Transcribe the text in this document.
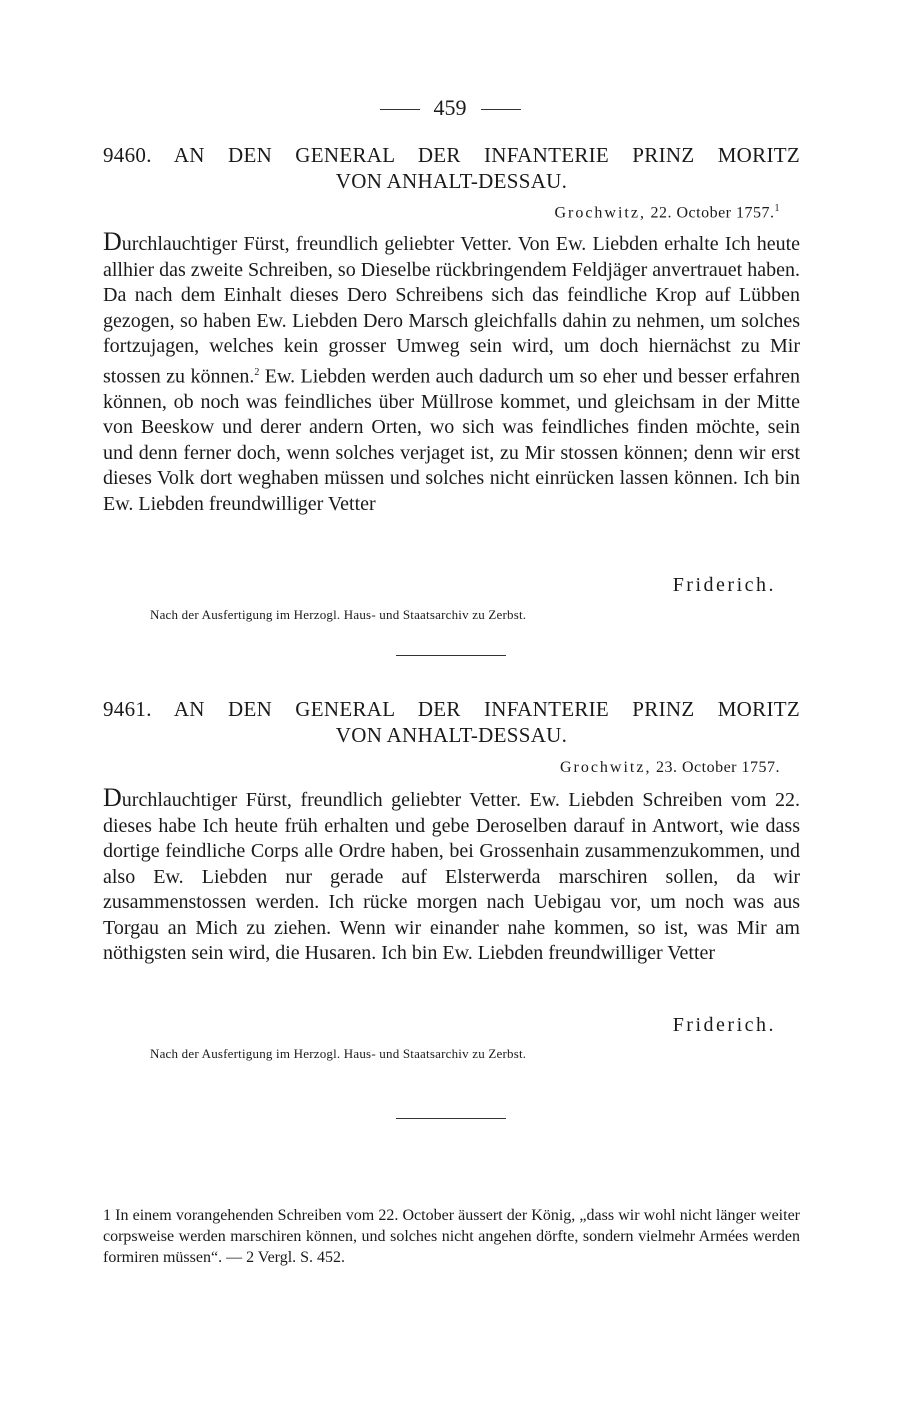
459
9460. AN DEN GENERAL DER INFANTERIE PRINZ MORITZ
VON ANHALT-DESSAU.
Grochwitz, 22. October 1757.$^1$
Durchlauchtiger Fürst, freundlich geliebter Vetter. Von Ew. Liebden erhalte Ich heute allhier das zweite Schreiben, so Dieselbe rückbringendem Feldjäger anvertrauet haben. Da nach dem Einhalt dieses Dero Schreibens sich das feindliche Krop auf Lübben gezogen, so haben Ew. Liebden Dero Marsch gleichfalls dahin zu nehmen, um solches fortzujagen, welches kein grosser Umweg sein wird, um doch hiernächst zu Mir stossen zu können.$^2$ Ew. Liebden werden auch dadurch um so eher und besser erfahren können, ob noch was feindliches über Müllrose kommet, und gleichsam in der Mitte von Beeskow und derer andern Orten, wo sich was feindliches finden möchte, sein und denn ferner doch, wenn solches verjaget ist, zu Mir stossen können; denn wir erst dieses Volk dort weghaben müssen und solches nicht einrücken lassen können. Ich bin Ew. Liebden freundwilliger Vetter
Friderich.
Nach der Ausfertigung im Herzogl. Haus- und Staatsarchiv zu Zerbst.
9461. AN DEN GENERAL DER INFANTERIE PRINZ MORITZ
VON ANHALT-DESSAU.
Grochwitz, 23. October 1757.
Durchlauchtiger Fürst, freundlich geliebter Vetter. Ew. Liebden Schreiben vom 22. dieses habe Ich heute früh erhalten und gebe Deroselben darauf in Antwort, wie dass dortige feindliche Corps alle Ordre haben, bei Grossenhain zusammenzukommen, und also Ew. Liebden nur gerade auf Elsterwerda marschiren sollen, da wir zusammenstossen werden. Ich rücke morgen nach Uebigau vor, um noch was aus Torgau an Mich zu ziehen. Wenn wir einander nahe kommen, so ist, was Mir am nöthigsten sein wird, die Husaren. Ich bin Ew. Liebden freundwilliger Vetter
Friderich.
Nach der Ausfertigung im Herzogl. Haus- und Staatsarchiv zu Zerbst.
1 In einem vorangehenden Schreiben vom 22. October äussert der König, „dass wir wohl nicht länger weiter corpsweise werden marschiren können, und solches nicht angehen dörfte, sondern vielmehr Armées werden formiren müssen“. — 2 Vergl. S. 452.
